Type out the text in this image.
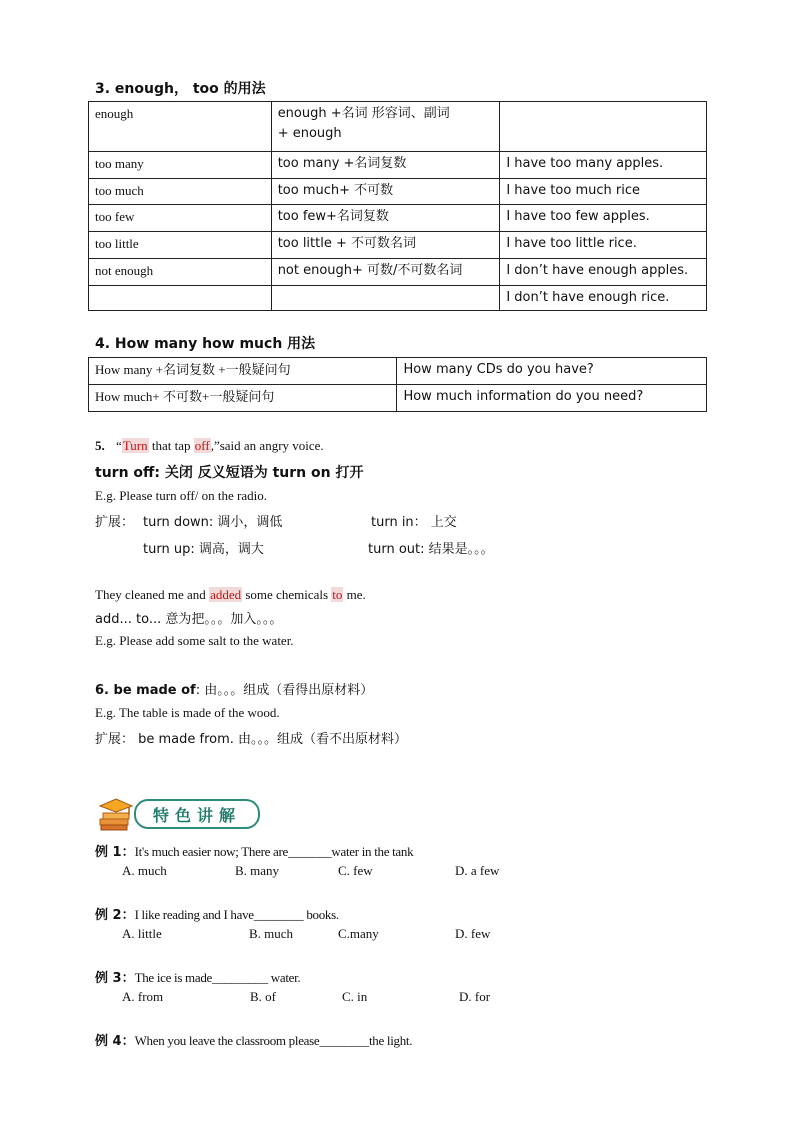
3. enough， too 的用法
enough	enough +名词 形容词、副词
+ enough	
too many	too many +名词复数	I have too many apples.
too much	too much+ 不可数	I have too much rice
too few	too few+名词复数	I have too few apples.
too little	too little + 不可数名词	I have too little rice.
not enough	not enough+ 可数/不可数名词	I don’t have enough apples.
		I don’t have enough rice.
4. How many how much 用法
How many +名词复数 +一般疑问句	How many CDs do you have?
How much+ 不可数+一般疑问句	How much information do you need?
5. “Turn that tap off,”said an angry voice.
turn off: 关闭 反义短语为 turn on 打开
E.g. Please turn off/ on the radio.
扩展： turn down: 调小，调低	turn in： 上交
turn up: 调高，调大	turn out: 结果是。。。
They cleaned me and added some chemicals to me.
add... to... 意为把。。。加入。。。
E.g. Please add some salt to the water.
6. be made of: 由。。。组成（看得出原材料）
E.g. The table is made of the wood.
扩展： be made from. 由。。。组成（看不出原材料）
特色讲解
例 1：It's much easier now; There are_______water in the tank
A. much	B. many	C. few	D. a few
例 2：I like reading and I have________ books.
A. little	B. much	C.many	D. few
例 3：The ice is made_________ water.
A. from	B. of	C. in	D. for
例 4：When you leave the classroom please________the light.
